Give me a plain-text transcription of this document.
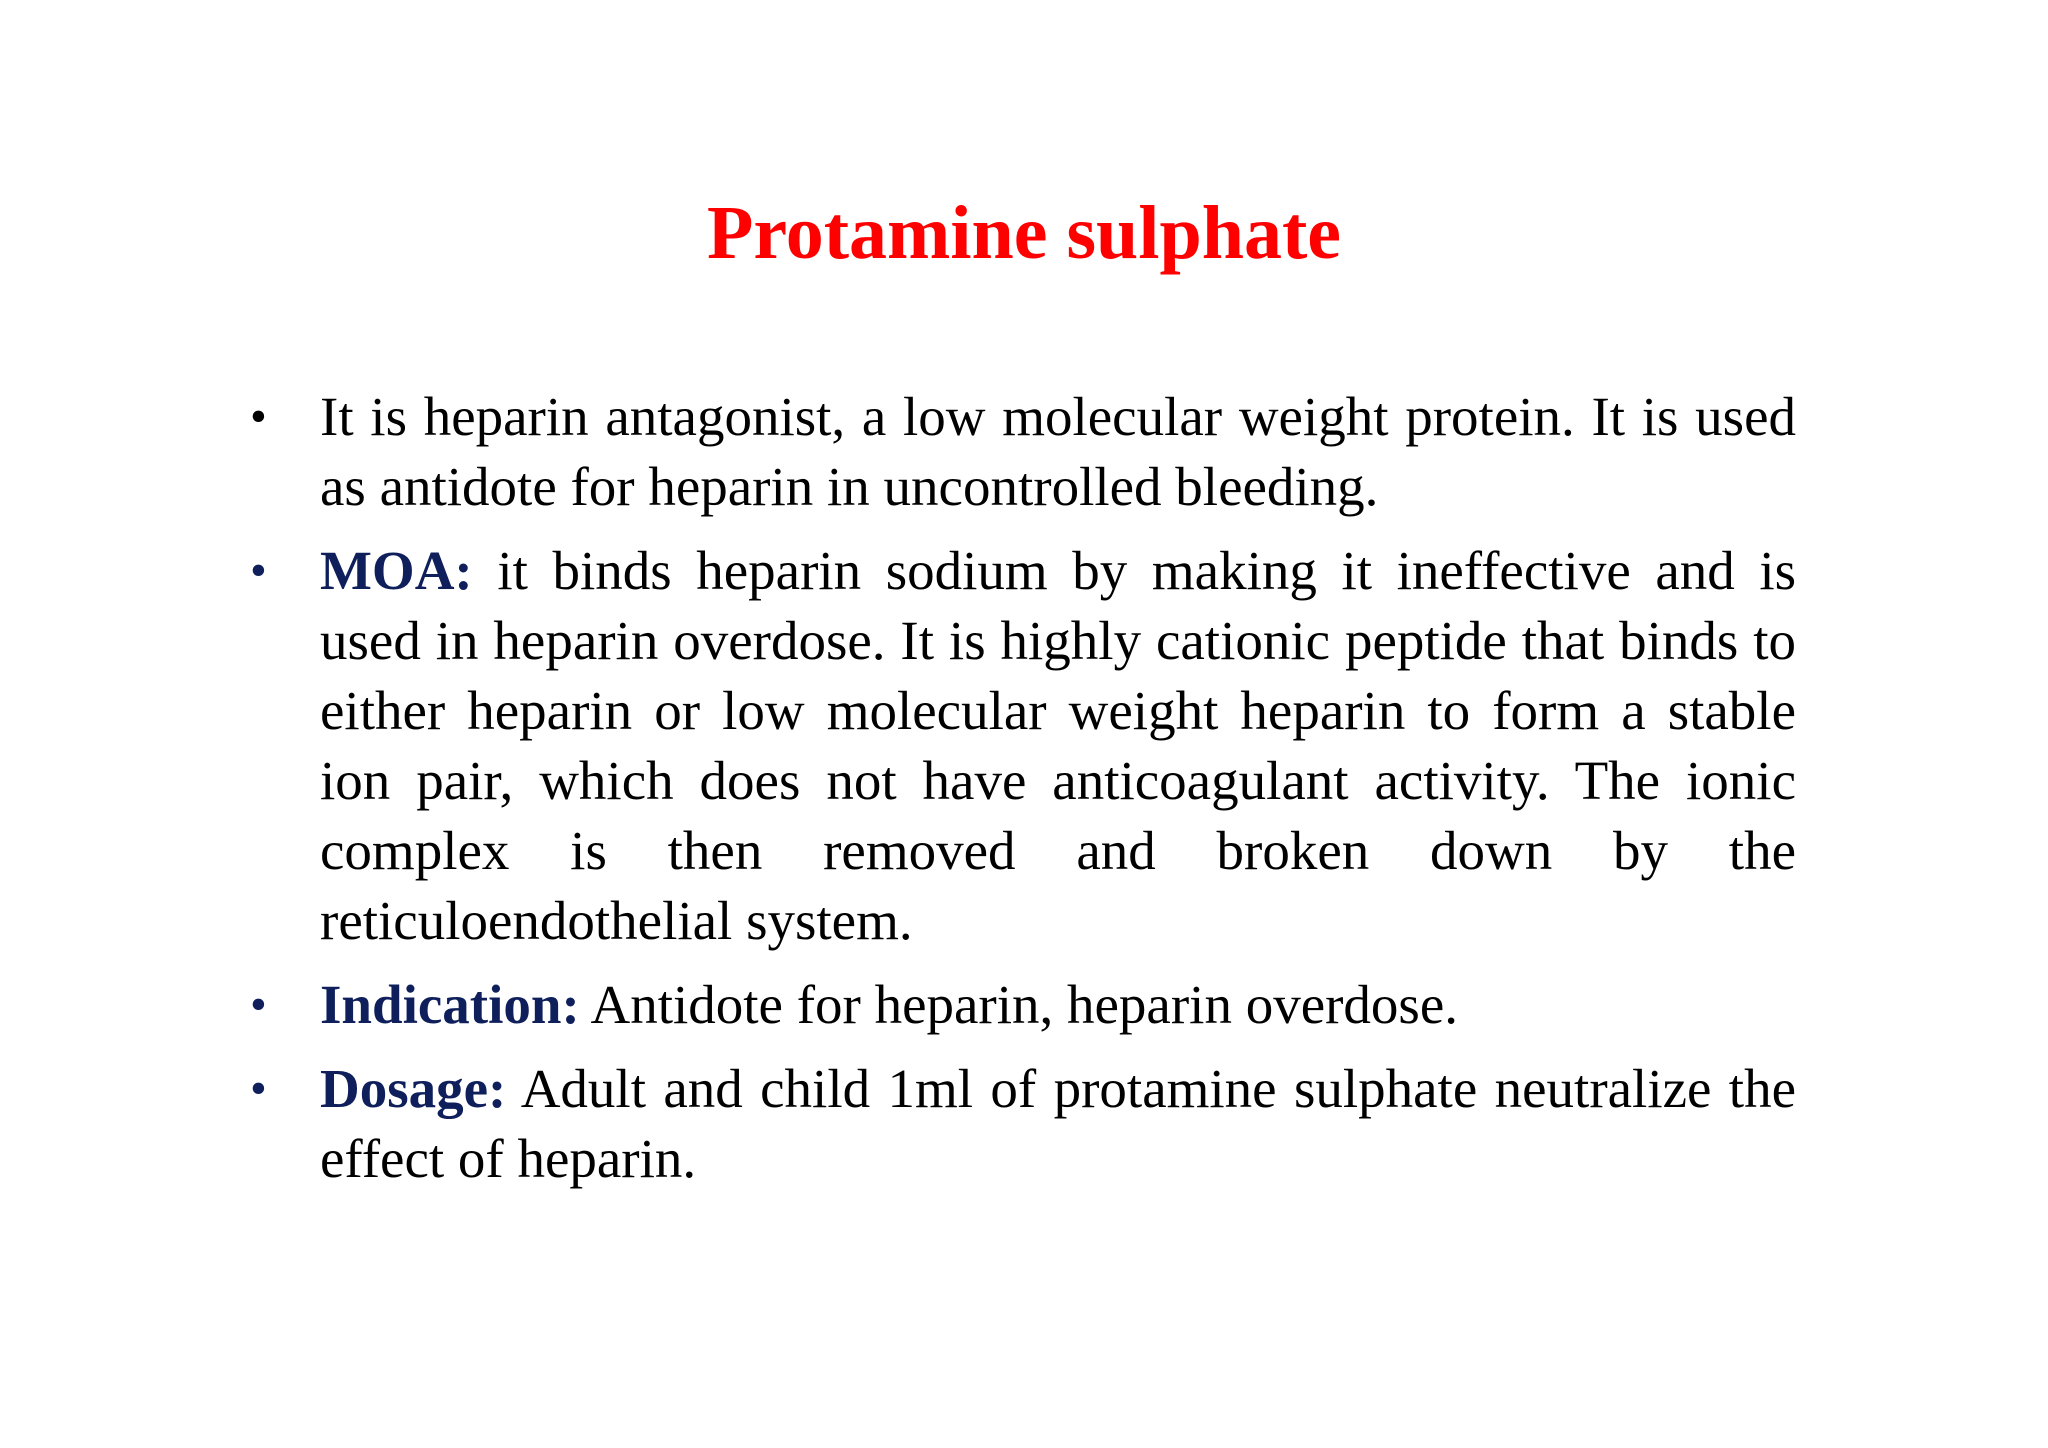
Protamine sulphate
• It is heparin antagonist, a low molecular weight protein. It is used as antidote for heparin in uncontrolled bleeding.
• MOA: it binds heparin sodium by making it ineffective and is used in heparin overdose. It is highly cationic peptide that binds to either heparin or low molecular weight heparin to form a stable ion pair, which does not have anticoagulant activity. The ionic complex is then removed and broken down by the reticuloendothelial system.
• Indication: Antidote for heparin, heparin overdose.
• Dosage: Adult and child 1ml of protamine sulphate neutralize the effect of heparin.
